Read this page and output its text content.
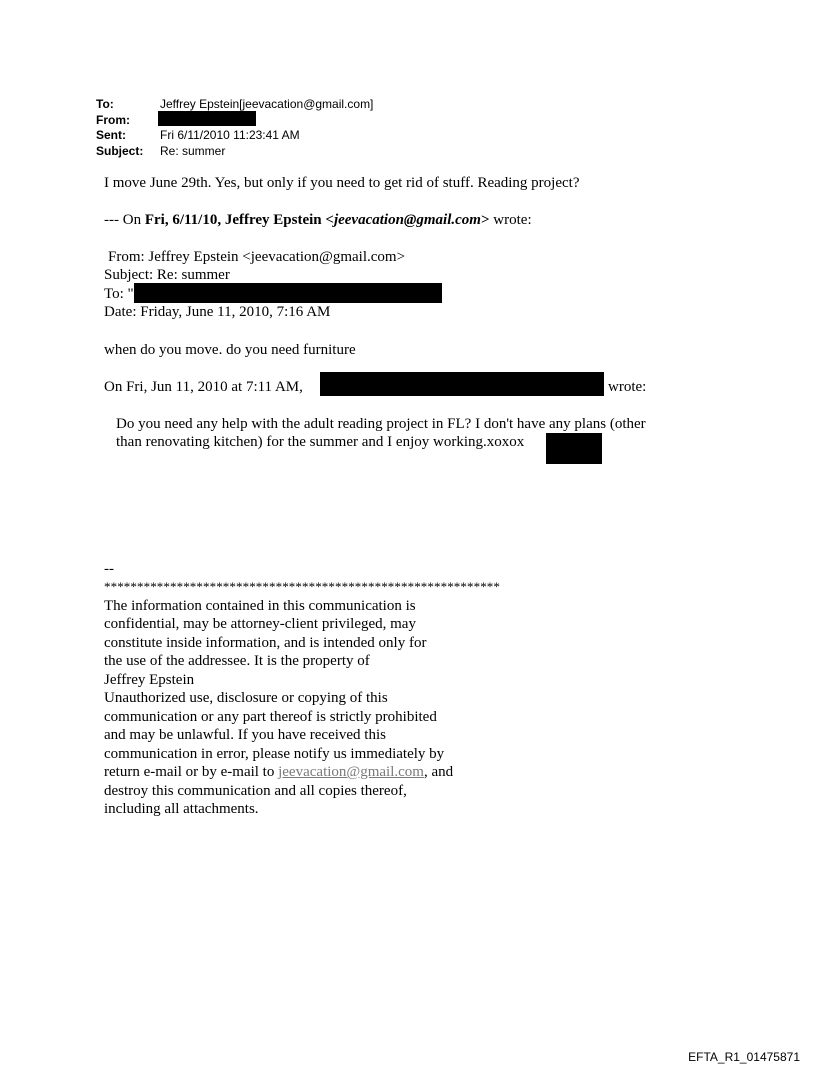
To:	Jeffrey Epstein[jeevacation@gmail.com]
From:
Sent:	Fri 6/11/2010 11:23:41 AM
Subject: Re: summer
I move June 29th. Yes, but only if you need to get rid of stuff. Reading project?
--- On Fri, 6/11/10, Jeffrey Epstein <jeevacation@gmail.com> wrote:
From: Jeffrey Epstein <jeevacation@gmail.com>
Subject: Re: summer
To: "
Date: Friday, June 11, 2010, 7:16 AM
when do you move. do you need furniture
On Fri, Jun 11, 2010 at 7:11 AM,	wrote:
Do you need any help with the adult reading project in FL? I don't have any plans (other
than renovating kitchen) for the summer and I enjoy working.xoxox
--
************************************************************
The information contained in this communication is
confidential, may be attorney-client privileged, may
constitute inside information, and is intended only for
the use of the addressee. It is the property of
Jeffrey Epstein
Unauthorized use, disclosure or copying of this
communication or any part thereof is strictly prohibited
and may be unlawful. If you have received this
communication in error, please notify us immediately by
return e-mail or by e-mail to jeevacation@gmail.com, and
destroy this communication and all copies thereof,
including all attachments.
EFTA_R1_01475871
